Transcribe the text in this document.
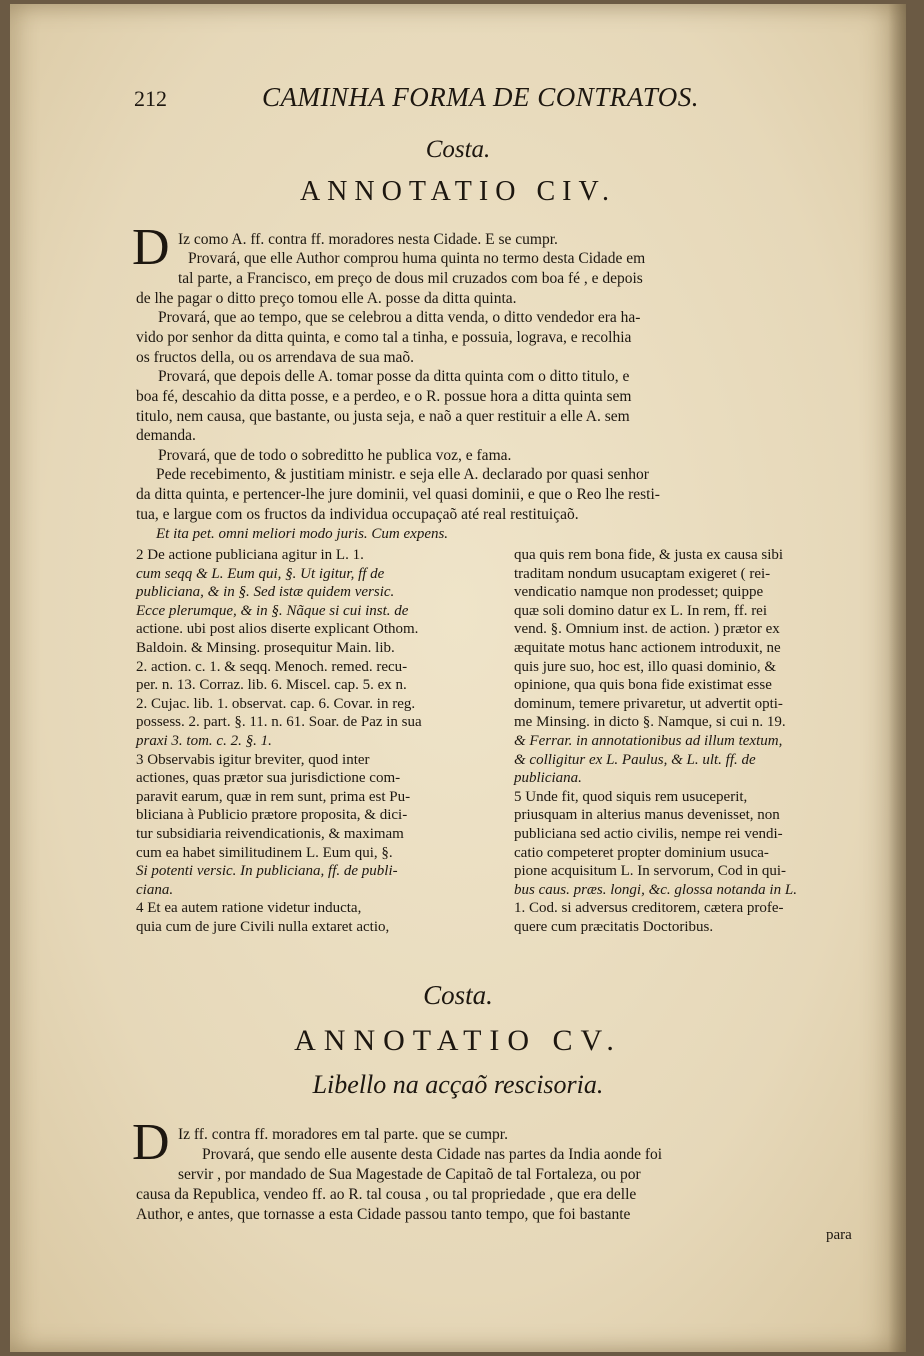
212	CAMINHA FORMA DE CONTRATOS.
Costa.
ANNOTATIO CIV.
D Iz como A. ff. contra ff. moradores nesta Cidade. E se cumpr.
Provará, que elle Author comprou huma quinta no termo desta Cidade em
tal parte, a Francisco, em preço de dous mil cruzados com boa fé , e depois
de lhe pagar o ditto preço tomou elle A. posse da ditta quinta.
Provará, que ao tempo, que se celebrou a ditta venda, o ditto vendedor era ha-
vido por senhor da ditta quinta, e como tal a tinha, e possuia, lograva, e recolhia
os fructos della, ou os arrendava de sua maõ.
Provará, que depois delle A. tomar posse da ditta quinta com o ditto titulo, e
boa fé, descahio da ditta posse, e a perdeo, e o R. possue hora a ditta quinta sem
titulo, nem causa, que bastante, ou justa seja, e naõ a quer restituir a elle A. sem
demanda.
Provará, que de todo o sobreditto he publica voz, e fama.
Pede recebimento, & justitiam ministr. e seja elle A. declarado por quasi senhor
da ditta quinta, e pertencer-lhe jure dominii, vel quasi dominii, e que o Reo lhe resti-
tua, e largue com os fructos da individua occupaçaõ até real restituiçaõ.
Et ita pet. omni meliori modo juris. Cum expens.
2 De actione publiciana agitur in L. 1.
cum seqq & L. Eum qui, §. Ut igitur, ff de
publiciana, & in §. Sed istæ quidem versic.
Ecce plerumque, & in §. Nãque si cui inst. de
actione. ubi post alios diserte explicant Othom.
Baldoin. & Minsing. prosequitur Main. lib.
2. action. c. 1. & seqq. Menoch. remed. recu-
per. n. 13. Corraz. lib. 6. Miscel. cap. 5. ex n.
2. Cujac. lib. 1. observat. cap. 6. Covar. in reg.
possess. 2. part. §. 11. n. 61. Soar. de Paz in sua
praxi 3. tom. c. 2. §. 1.
3 Observabis igitur breviter, quod inter
actiones, quas prætor sua jurisdictione com-
paravit earum, quæ in rem sunt, prima est Pu-
bliciana à Publicio prætore proposita, & dici-
tur subsidiaria reivendicationis, & maximam
cum ea habet similitudinem L. Eum qui, §.
Si potenti versic. In publiciana, ff. de publi-
ciana.
4 Et ea autem ratione videtur inducta,
quia cum de jure Civili nulla extaret actio,
qua quis rem bona fide, & justa ex causa sibi
traditam nondum usucaptam exigeret ( rei-
vendicatio namque non prodesset; quippe
quæ soli domino datur ex L. In rem, ff. rei
vend. §. Omnium inst. de action. ) prætor ex
æquitate motus hanc actionem introduxit, ne
quis jure suo, hoc est, illo quasi dominio, &
opinione, qua quis bona fide existimat esse
dominum, temere privaretur, ut advertit opti-
me Minsing. in dicto §. Namque, si cui n. 19.
& Ferrar. in annotationibus ad illum textum,
& colligitur ex L. Paulus, & L. ult. ff. de
publiciana.
5 Unde fit, quod siquis rem usuceperit,
priusquam in alterius manus devenisset, non
publiciana sed actio civilis, nempe rei vendi-
catio competeret propter dominium usuca-
pione acquisitum L. In servorum, Cod in qui-
bus caus. præs. longi, &c. glossa notanda in L.
1. Cod. si adversus creditorem, cætera profe-
quere cum præcitatis Doctoribus.
Costa.
ANNOTATIO CV.
Libello na acçaõ rescisoria.
D Iz ff. contra ff. moradores em tal parte. que se cumpr.
Provará, que sendo elle ausente desta Cidade nas partes da India aonde foi
servir , por mandado de Sua Magestade de Capitaõ de tal Fortaleza, ou por
causa da Republica, vendeo ff. ao R. tal cousa , ou tal propriedade , que era delle
Author, e antes, que tornasse a esta Cidade passou tanto tempo, que foi bastante
para
